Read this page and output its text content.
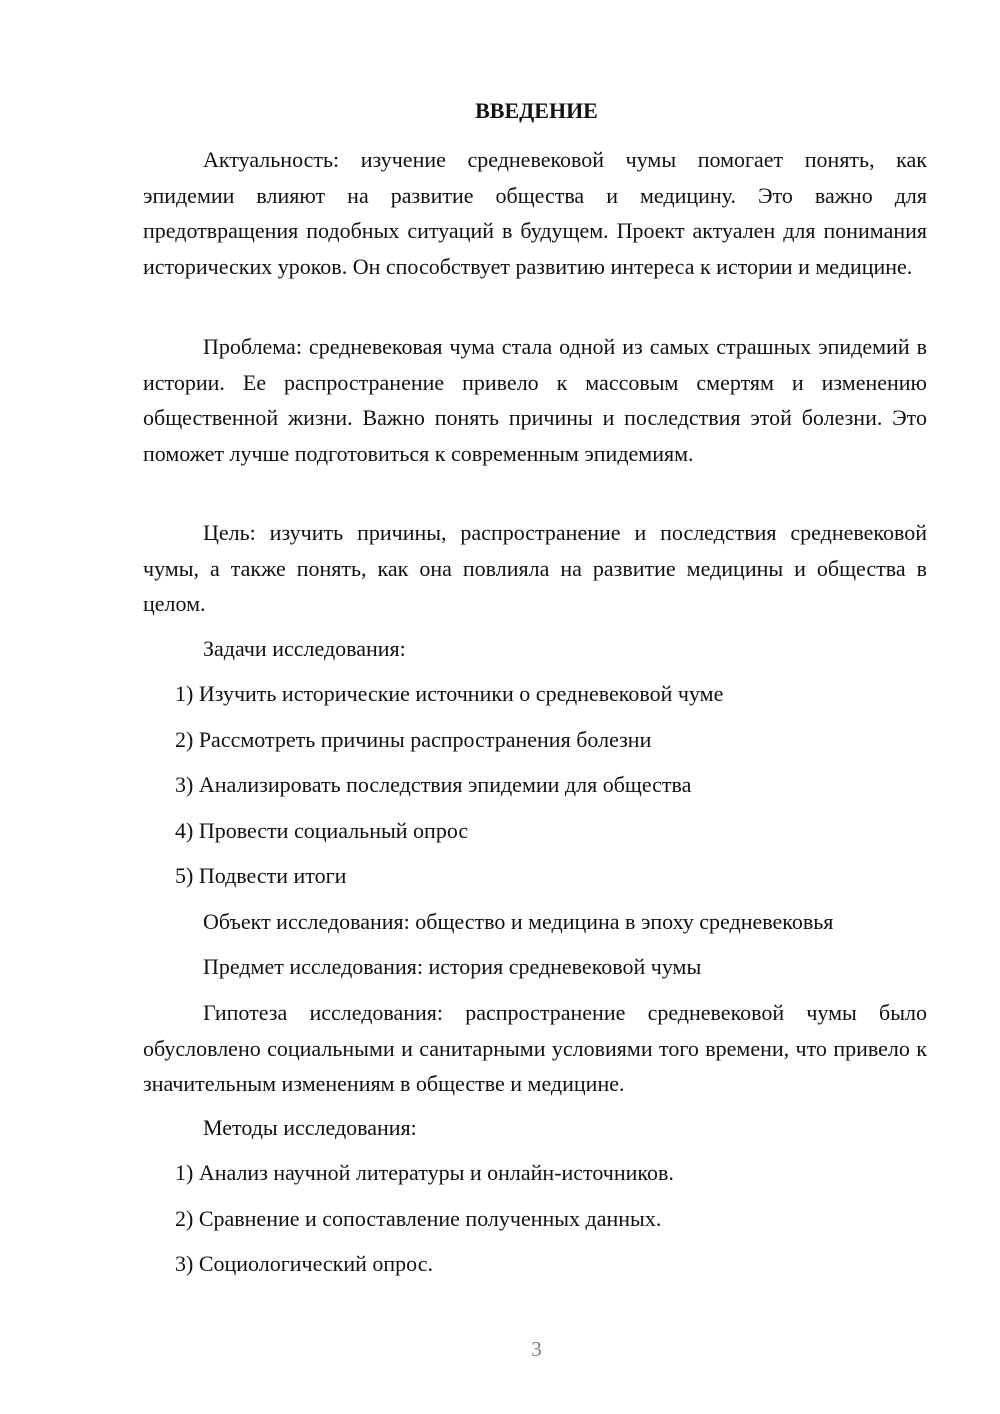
ВВЕДЕНИЕ

Актуальность: изучение средневековой чумы помогает понять, как эпидемии влияют на развитие общества и медицину. Это важно для предотвращения подобных ситуаций в будущем. Проект актуален для понимания исторических уроков. Он способствует развитию интереса к истории и медицине.

Проблема: средневековая чума стала одной из самых страшных эпидемий в истории. Ее распространение привело к массовым смертям и изменению общественной жизни. Важно понять причины и последствия этой болезни. Это поможет лучше подготовиться к современным эпидемиям.

Цель: изучить причины, распространение и последствия средневековой чумы, а также понять, как она повлияла на развитие медицины и общества в целом.

Задачи исследования:
1) Изучить исторические источники о средневековой чуме
2) Рассмотреть причины распространения болезни
3) Анализировать последствия эпидемии для общества
4) Провести социальный опрос
5) Подвести итоги
Объект исследования: общество и медицина в эпоху средневековья
Предмет исследования: история средневековой чумы

Гипотеза исследования: распространение средневековой чумы было обусловлено социальными и санитарными условиями того времени, что привело к значительным изменениям в обществе и медицине.

Методы исследования:
1) Анализ научной литературы и онлайн-источников.
2) Сравнение и сопоставление полученных данных.
3) Социологический опрос.
3
